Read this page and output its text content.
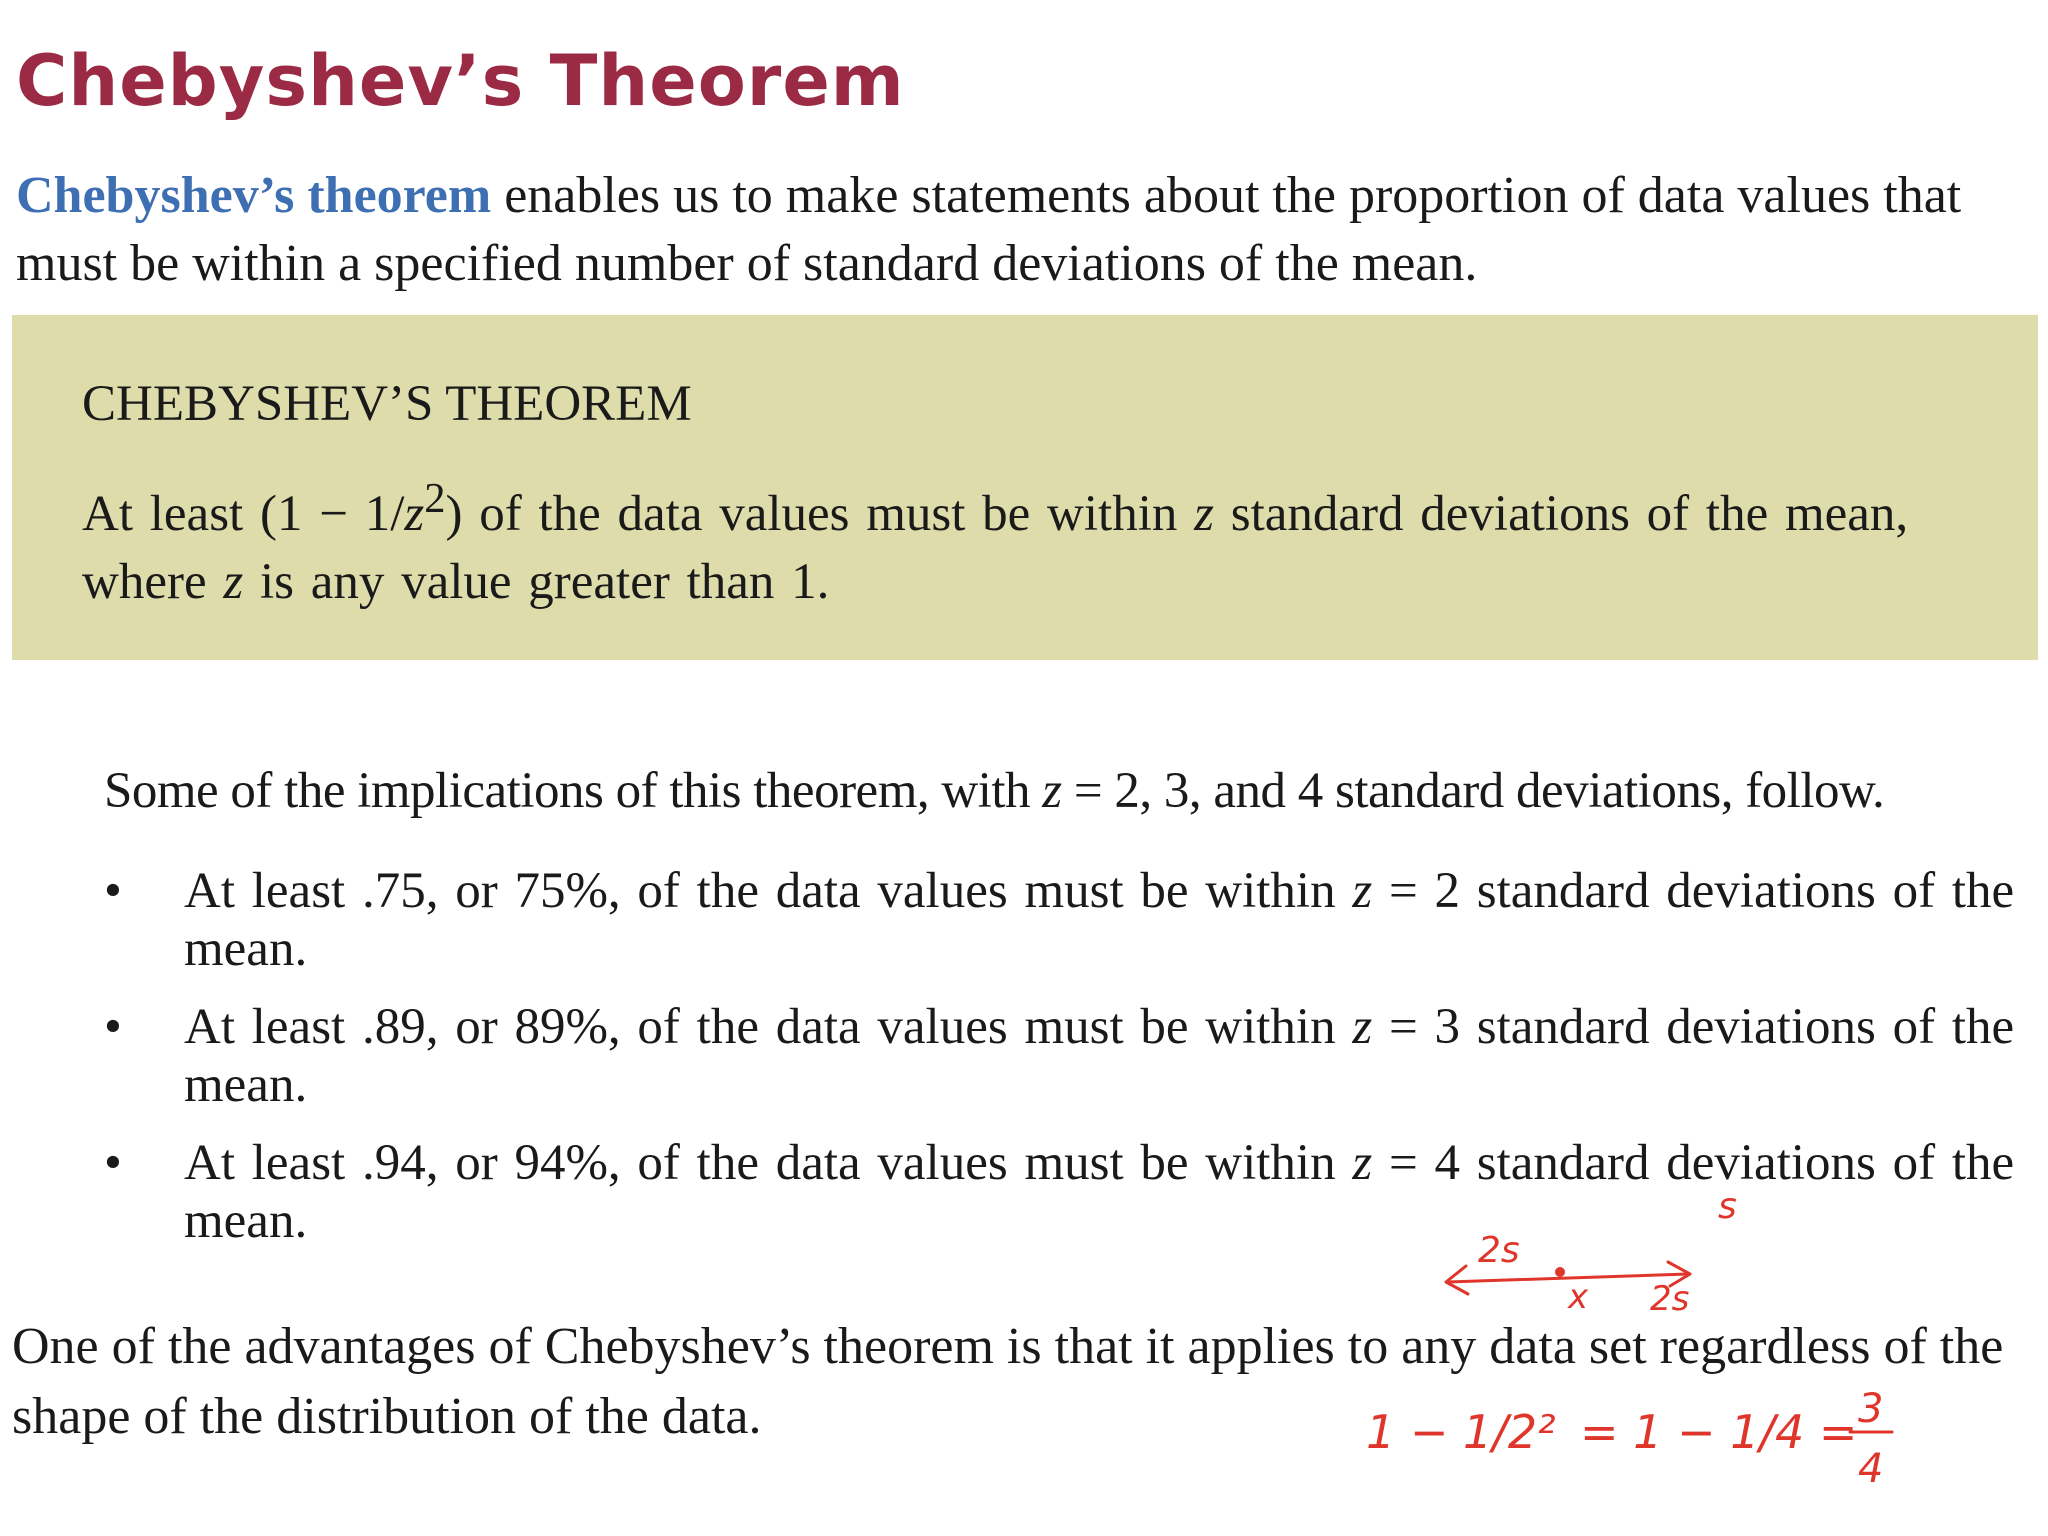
Chebyshev’s Theorem

Chebyshev’s theorem enables us to make statements about the proportion of data values that must be within a specified number of standard deviations of the mean.

CHEBYSHEV’S THEOREM

At least $(1 - 1/z^2)$ of the data values must be within z standard deviations of the mean, where z is any value greater than 1.

Some of the implications of this theorem, with z = 2, 3, and 4 standard deviations, follow.

• At least .75, or 75%, of the data values must be within z = 2 standard deviations of the mean.
• At least .89, or 89%, of the data values must be within z = 3 standard deviations of the mean.
• At least .94, or 94%, of the data values must be within z = 4 standard deviations of the mean.

One of the advantages of Chebyshev’s theorem is that it applies to any data set regardless of the shape of the distribution of the data.

s
2s
x 2s
1 − 1/2² = 1 − 1/4 = 3
4
